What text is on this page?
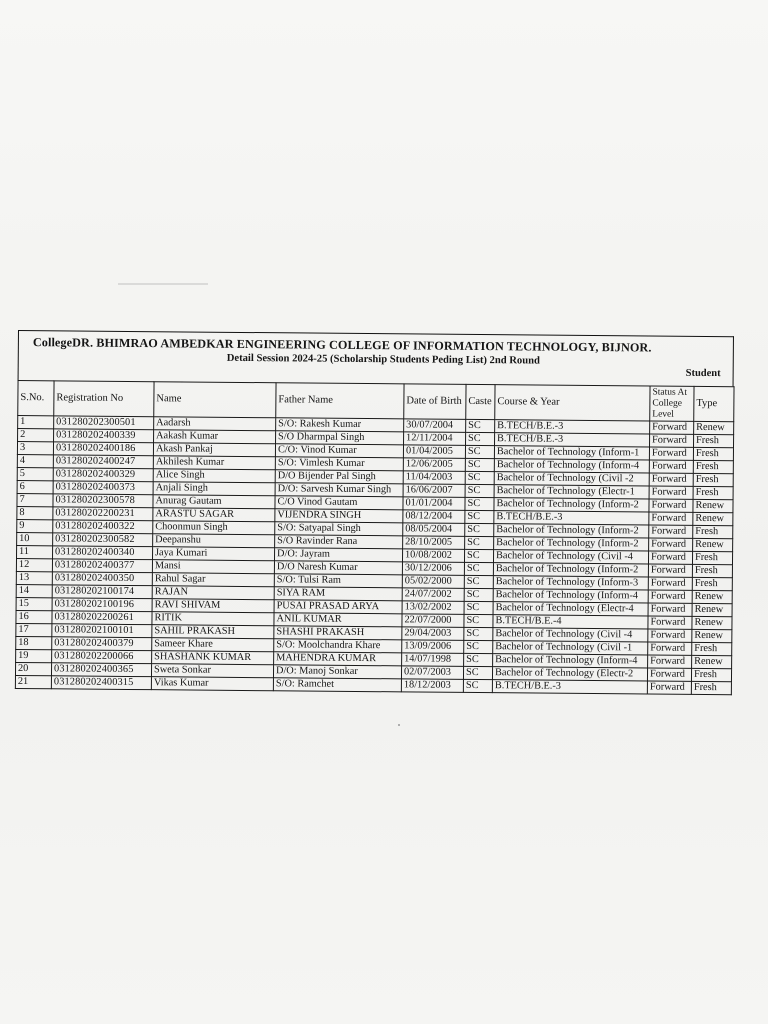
CollegeDR. BHIMRAO AMBEDKAR ENGINEERING COLLEGE OF INFORMATION TECHNOLOGY, BIJNOR.
Detail Session 2024-25 (Scholarship Students Peding List) 2nd Round
Student
S.No.	Registration No	Name	Father Name	Date of Birth	Caste	Course & Year	Status At College Level	Type
1	031280202300501	Aadarsh	S/O: Rakesh Kumar	30/07/2004	SC	B.TECH/B.E.-3	Forward	Renew
2	031280202400339	Aakash Kumar	S/O Dharmpal Singh	12/11/2004	SC	B.TECH/B.E.-3	Forward	Fresh
3	031280202400186	Akash Pankaj	C/O: Vinod Kumar	01/04/2005	SC	Bachelor of Technology (Inform-1	Forward	Fresh
4	031280202400247	Akhilesh Kumar	S/O: Vimlesh Kumar	12/06/2005	SC	Bachelor of Technology (Inform-4	Forward	Fresh
5	031280202400329	Alice Singh	D/O Bijender Pal Singh	11/04/2003	SC	Bachelor of Technology (Civil -2	Forward	Fresh
6	031280202400373	Anjali Singh	D/O: Sarvesh Kumar Singh	16/06/2007	SC	Bachelor of Technology (Electr-1	Forward	Fresh
7	031280202300578	Anurag Gautam	C/O Vinod Gautam	01/01/2004	SC	Bachelor of Technology (Inform-2	Forward	Renew
8	031280202200231	ARASTU SAGAR	VIJENDRA SINGH	08/12/2004	SC	B.TECH/B.E.-3	Forward	Renew
9	031280202400322	Choonmun Singh	S/O: Satyapal Singh	08/05/2004	SC	Bachelor of Technology (Inform-2	Forward	Fresh
10	031280202300582	Deepanshu	S/O Ravinder Rana	28/10/2005	SC	Bachelor of Technology (Inform-2	Forward	Renew
11	031280202400340	Jaya Kumari	D/O: Jayram	10/08/2002	SC	Bachelor of Technology (Civil -4	Forward	Fresh
12	031280202400377	Mansi	D/O Naresh Kumar	30/12/2006	SC	Bachelor of Technology (Inform-2	Forward	Fresh
13	031280202400350	Rahul Sagar	S/O: Tulsi Ram	05/02/2000	SC	Bachelor of Technology (Inform-3	Forward	Fresh
14	031280202100174	RAJAN	SIYA RAM	24/07/2002	SC	Bachelor of Technology (Inform-4	Forward	Renew
15	031280202100196	RAVI SHIVAM	PUSAI PRASAD ARYA	13/02/2002	SC	Bachelor of Technology (Electr-4	Forward	Renew
16	031280202200261	RITIK	ANIL KUMAR	22/07/2000	SC	B.TECH/B.E.-4	Forward	Renew
17	031280202100101	SAHIL PRAKASH	SHASHI PRAKASH	29/04/2003	SC	Bachelor of Technology (Civil -4	Forward	Renew
18	031280202400379	Sameer Khare	S/O: Moolchandra Khare	13/09/2006	SC	Bachelor of Technology (Civil -1	Forward	Fresh
19	031280202200066	SHASHANK KUMAR	MAHENDRA KUMAR	14/07/1998	SC	Bachelor of Technology (Inform-4	Forward	Renew
20	031280202400365	Sweta Sonkar	D/O: Manoj Sonkar	02/07/2003	SC	Bachelor of Technology (Electr-2	Forward	Fresh
21	031280202400315	Vikas Kumar	S/O: Ramchet	18/12/2003	SC	B.TECH/B.E.-3	Forward	Fresh
